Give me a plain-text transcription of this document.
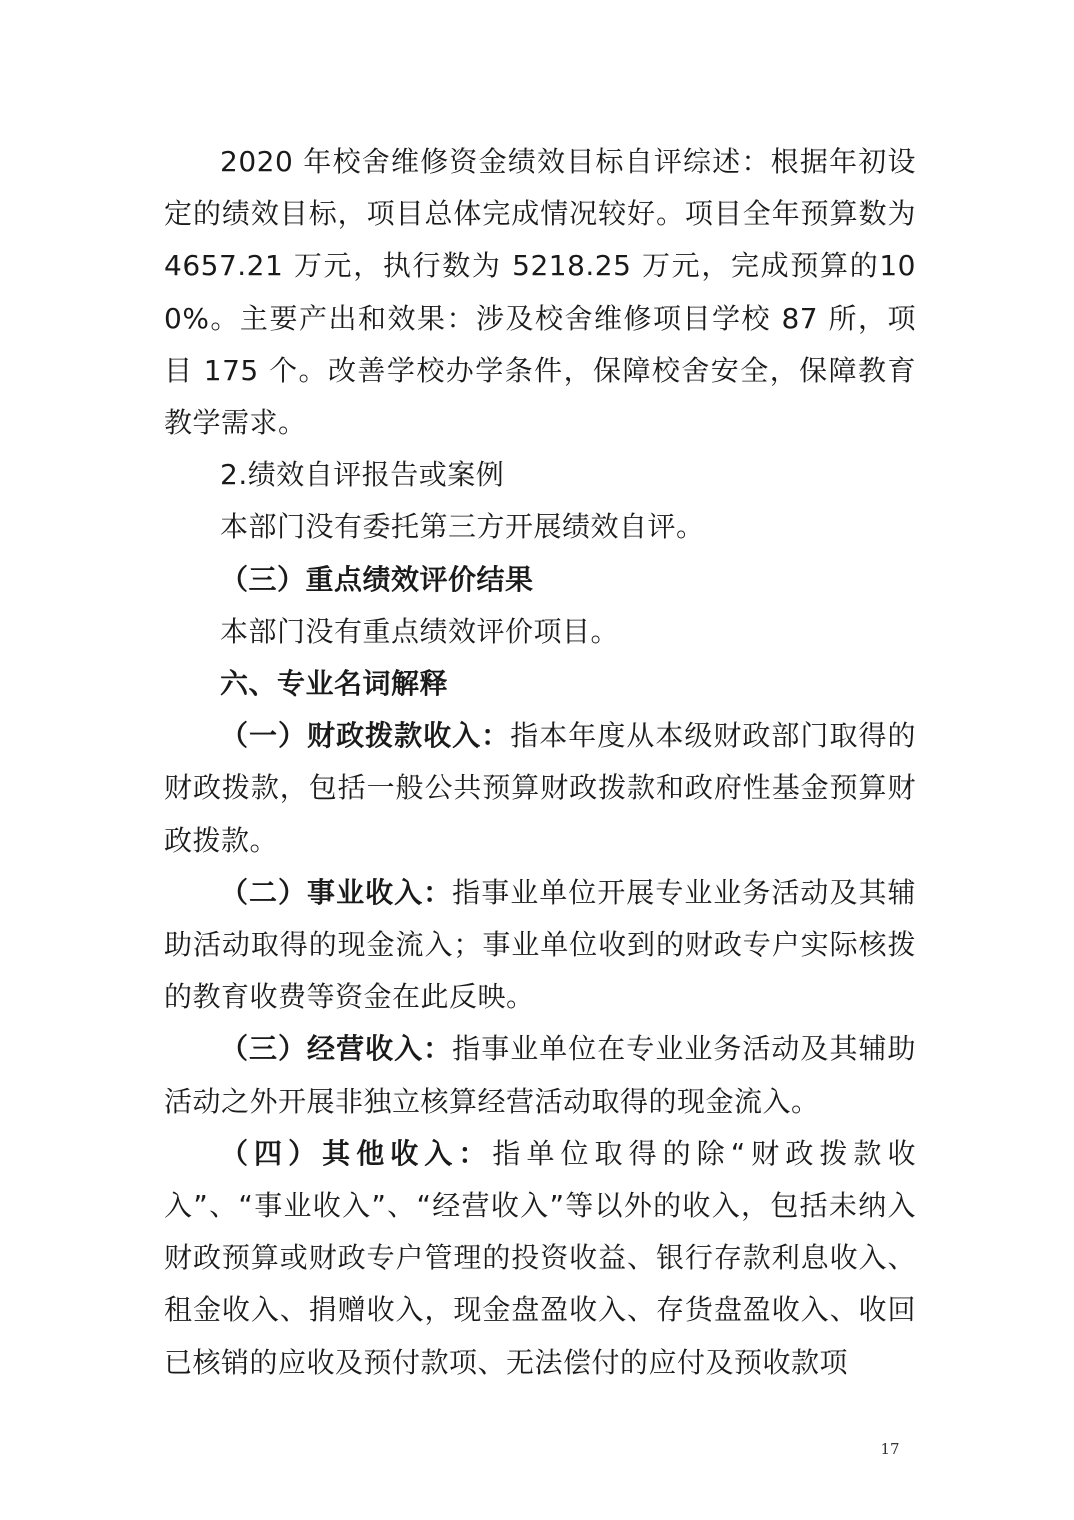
2020 年校舍维修资金绩效目标自评综述：根据年初设定的绩效目标，项目总体完成情况较好。项目全年预算数为 4657.21 万元，执行数为 5218.25 万元，完成预算的100%。主要产出和效果：涉及校舍维修项目学校 87 所，项目 175 个。改善学校办学条件，保障校舍安全，保障教育教学需求。

2.绩效自评报告或案例

本部门没有委托第三方开展绩效自评。

（三）重点绩效评价结果

本部门没有重点绩效评价项目。

六、专业名词解释

（一）财政拨款收入：指本年度从本级财政部门取得的财政拨款，包括一般公共预算财政拨款和政府性基金预算财政拨款。

（二）事业收入：指事业单位开展专业业务活动及其辅助活动取得的现金流入；事业单位收到的财政专户实际核拨的教育收费等资金在此反映。

（三）经营收入：指事业单位在专业业务活动及其辅助活动之外开展非独立核算经营活动取得的现金流入。

（四）其他收入：指单位取得的除“财政拨款收入”、“事业收入”、“经营收入”等以外的收入，包括未纳入财政预算或财政专户管理的投资收益、银行存款利息收入、租金收入、捐赠收入，现金盘盈收入、存货盘盈收入、收回已核销的应收及预付款项、无法偿付的应付及预收款项

17
